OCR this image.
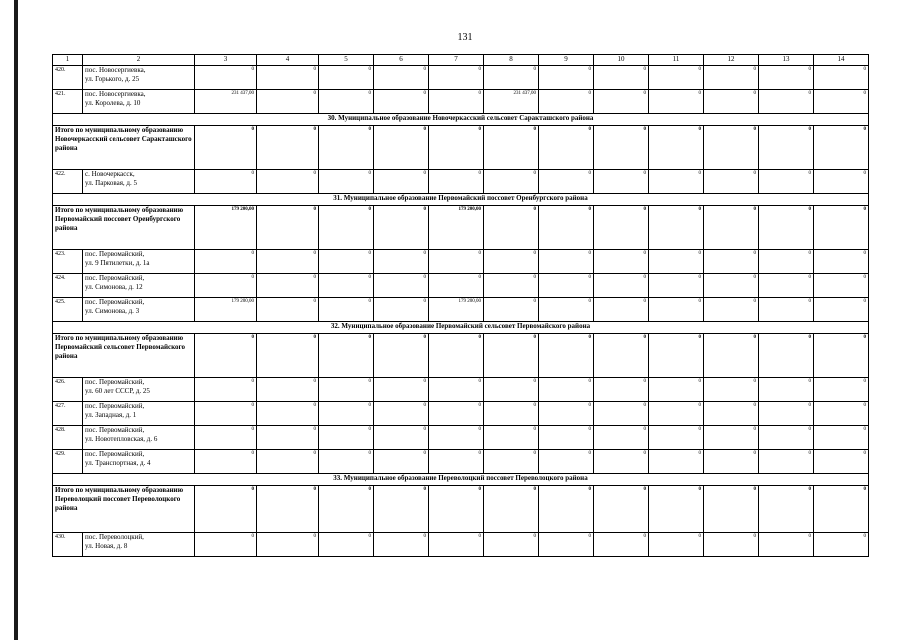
131
1	2	3	4	5	6	7	8	9	10	11	12	13	14
420.	пос. Новосергиевка,
ул. Горького, д. 25	0	0	0	0	0	0	0	0	0	0	0	0
421.	пос. Новосергиевка,
ул. Королева, д. 10	231 437,00	0	0	0	0	231 437,00	0	0	0	0	0	0
30. Муниципальное образование Новочеркасский сельсовет Саракташского района													
Итого по муниципальному образованию Новочеркасский сельсовет Саракташского района		0	0	0	0	0	0	0	0	0	0	0	0
422.	с. Новочеркасск,
ул. Парковая, д. 5	0	0	0	0	0	0	0	0	0	0	0	0
31. Муниципальное образование Первомайский поссовет Оренбургского района													
Итого по муниципальному образованию Первомайский поссовет Оренбургского района		179 200,00	0	0	0	179 200,00	0	0	0	0	0	0	0
423.	пос. Первомайский,
ул. 9 Пятилетки, д. 1а	0	0	0	0	0	0	0	0	0	0	0	0
424.	пос. Первомайский,
ул. Симонова, д. 12	0	0	0	0	0	0	0	0	0	0	0	0
425.	пос. Первомайский,
ул. Симонова, д. 3	179 200,00	0	0	0	179 200,00	0	0	0	0	0	0	0
32. Муниципальное образование Первомайский сельсовет Первомайского района													
Итого по муниципальному образованию Первомайский сельсовет Первомайского района		0	0	0	0	0	0	0	0	0	0	0	0
426.	пос. Первомайский,
ул. 60 лет СССР, д. 25	0	0	0	0	0	0	0	0	0	0	0	0
427.	пос. Первомайский,
ул. Западная, д. 1	0	0	0	0	0	0	0	0	0	0	0	0
428.	пос. Первомайский,
ул. Новотепловская, д. 6	0	0	0	0	0	0	0	0	0	0	0	0
429.	пос. Первомайский,
ул. Транспортная, д. 4	0	0	0	0	0	0	0	0	0	0	0	0
33. Муниципальное образование Переволоцкий поссовет Переволоцкого района													
Итого по муниципальному образованию Переволоцкий поссовет Переволоцкого района		0	0	0	0	0	0	0	0	0	0	0	0
430.	пос. Переволоцкий,
ул. Новая, д. 8	0	0	0	0	0	0	0	0	0	0	0	0
